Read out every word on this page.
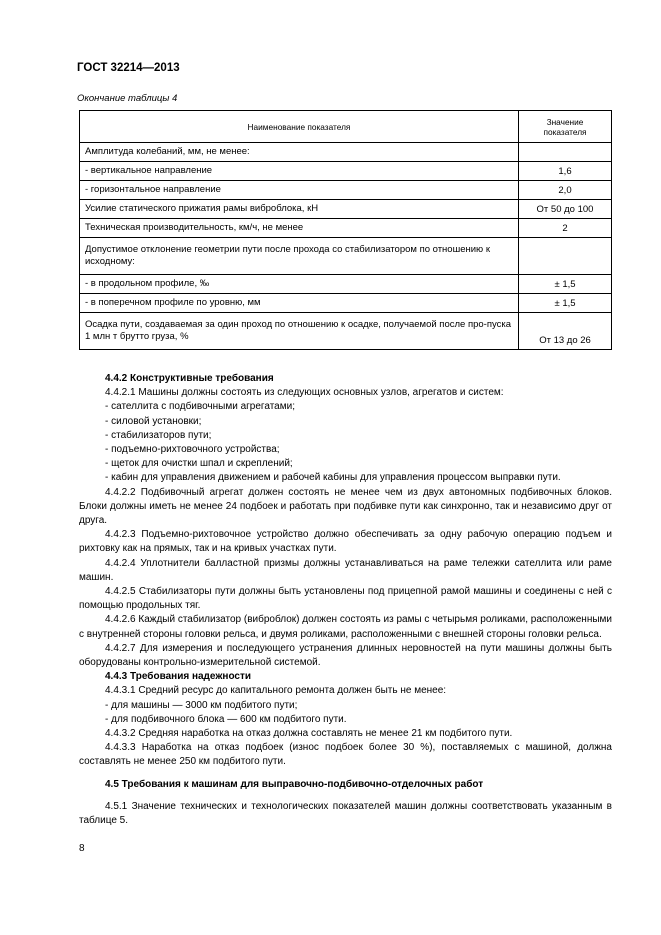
ГОСТ 32214—2013
Окончание таблицы 4
Наименование показателя	Значение показателя
Амплитуда колебаний, мм, не менее:	
- вертикальное направление	1,6
- горизонтальное направление	2,0
Усилие статического прижатия рамы виброблока, кН	От 50 до 100
Техническая производительность, км/ч, не менее	2
Допустимое отклонение геометрии пути после прохода со стабилизатором по отношению к исходному:	
- в продольном профиле, ‰	± 1,5
- в поперечном профиле по уровню, мм	± 1,5
Осадка пути, создаваемая за один проход по отношению к осадке, получаемой после про-пуска 1 млн т брутто груза, %	От 13 до 26

4.4.2 Конструктивные требования

4.4.2.1 Машины должны состоять из следующих основных узлов, агрегатов и систем:

- сателлита с подбивочными агрегатами;

- силовой установки;

- стабилизаторов пути;

- подъемно-рихтовочного устройства;

- щеток для очистки шпал и скреплений;

- кабин для управления движением и рабочей кабины для управления процессом выправки пути.

4.4.2.2 Подбивочный агрегат должен состоять не менее чем из двух автономных подбивочных блоков. Блоки должны иметь не менее 24 подбоек и работать при подбивке пути как синхронно, так и независимо друг от друга.

4.4.2.3 Подъемно-рихтовочное устройство должно обеспечивать за одну рабочую операцию подъем и рихтовку как на прямых, так и на кривых участках пути.

4.4.2.4 Уплотнители балластной призмы должны устанавливаться на раме тележки сателлита или раме машин.

4.4.2.5 Стабилизаторы пути должны быть установлены под прицепной рамой машины и соединены с ней с помощью продольных тяг.

4.4.2.6 Каждый стабилизатор (виброблок) должен состоять из рамы с четырьмя роликами, расположенными с внутренней стороны головки рельса, и двумя роликами, расположенными с внешней стороны головки рельса.

4.4.2.7 Для измерения и последующего устранения длинных неровностей на пути машины должны быть оборудованы контрольно-измерительной системой.

4.4.3 Требования надежности

4.4.3.1 Средний ресурс до капитального ремонта должен быть не менее:

- для машины — 3000 км подбитого пути;

- для подбивочного блока — 600 км подбитого пути.

4.4.3.2 Средняя наработка на отказ должна составлять не менее 21 км подбитого пути.

4.4.3.3 Наработка на отказ подбоек (износ подбоек более 30 %), поставляемых с машиной, должна составлять не менее 250 км подбитого пути.

4.5 Требования к машинам для выправочно-подбивочно-отделочных работ

4.5.1 Значение технических и технологических показателей машин должны соответствовать указанным в таблице 5.

8
